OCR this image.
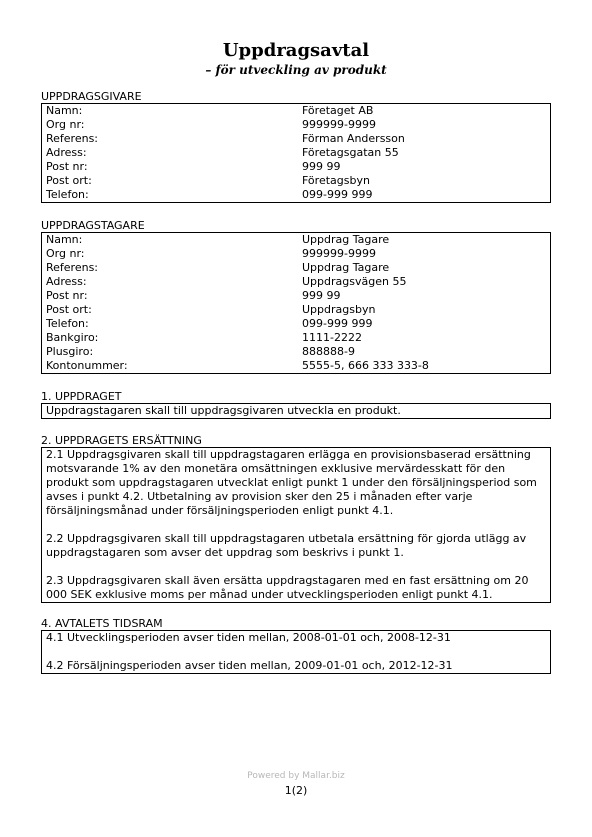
Uppdragsavtal
– för utveckling av produkt
UPPDRAGSGIVARE
Namn:	Företaget AB
Org nr:	999999-9999
Referens:	Förman Andersson
Adress:	Företagsgatan 55
Post nr:	999 99
Post ort:	Företagsbyn
Telefon:	099-999 999
UPPDRAGSTAGARE
Namn:	Uppdrag Tagare
Org nr:	999999-9999
Referens:	Uppdrag Tagare
Adress:	Uppdragsvägen 55
Post nr:	999 99
Post ort:	Uppdragsbyn
Telefon:	099-999 999
Bankgiro:	1111-2222
Plusgiro:	888888-9
Kontonummer:	5555-5, 666 333 333-8
1. UPPDRAGET

Uppdragstagaren skall till uppdragsgivaren utveckla en produkt.

2. UPPDRAGETS ERSÄTTNING

2.1 Uppdragsgivaren skall till uppdragstagaren erlägga en provisionsbaserad ersättning motsvarande 1% av den monetära omsättningen exklusive mervärdesskatt för den produkt som uppdragstagaren utvecklat enligt punkt 1 under den försäljningsperiod som avses i punkt 4.2. Utbetalning av provision sker den 25 i månaden efter varje försäljningsmånad under försäljningsperioden enligt punkt 4.1.

2.2 Uppdragsgivaren skall till uppdragstagaren utbetala ersättning för gjorda utlägg av uppdragstagaren som avser det uppdrag som beskrivs i punkt 1.

2.3 Uppdragsgivaren skall även ersätta uppdragstagaren med en fast ersättning om 20 000 SEK exklusive moms per månad under utvecklingsperioden enligt punkt 4.1.

4. AVTALETS TIDSRAM

4.1 Utvecklingsperioden avser tiden mellan, 2008-01-01 och, 2008-12-31

4.2 Försäljningsperioden avser tiden mellan, 2009-01-01 och, 2012-12-31

Powered by Mallar.biz
1(2)
